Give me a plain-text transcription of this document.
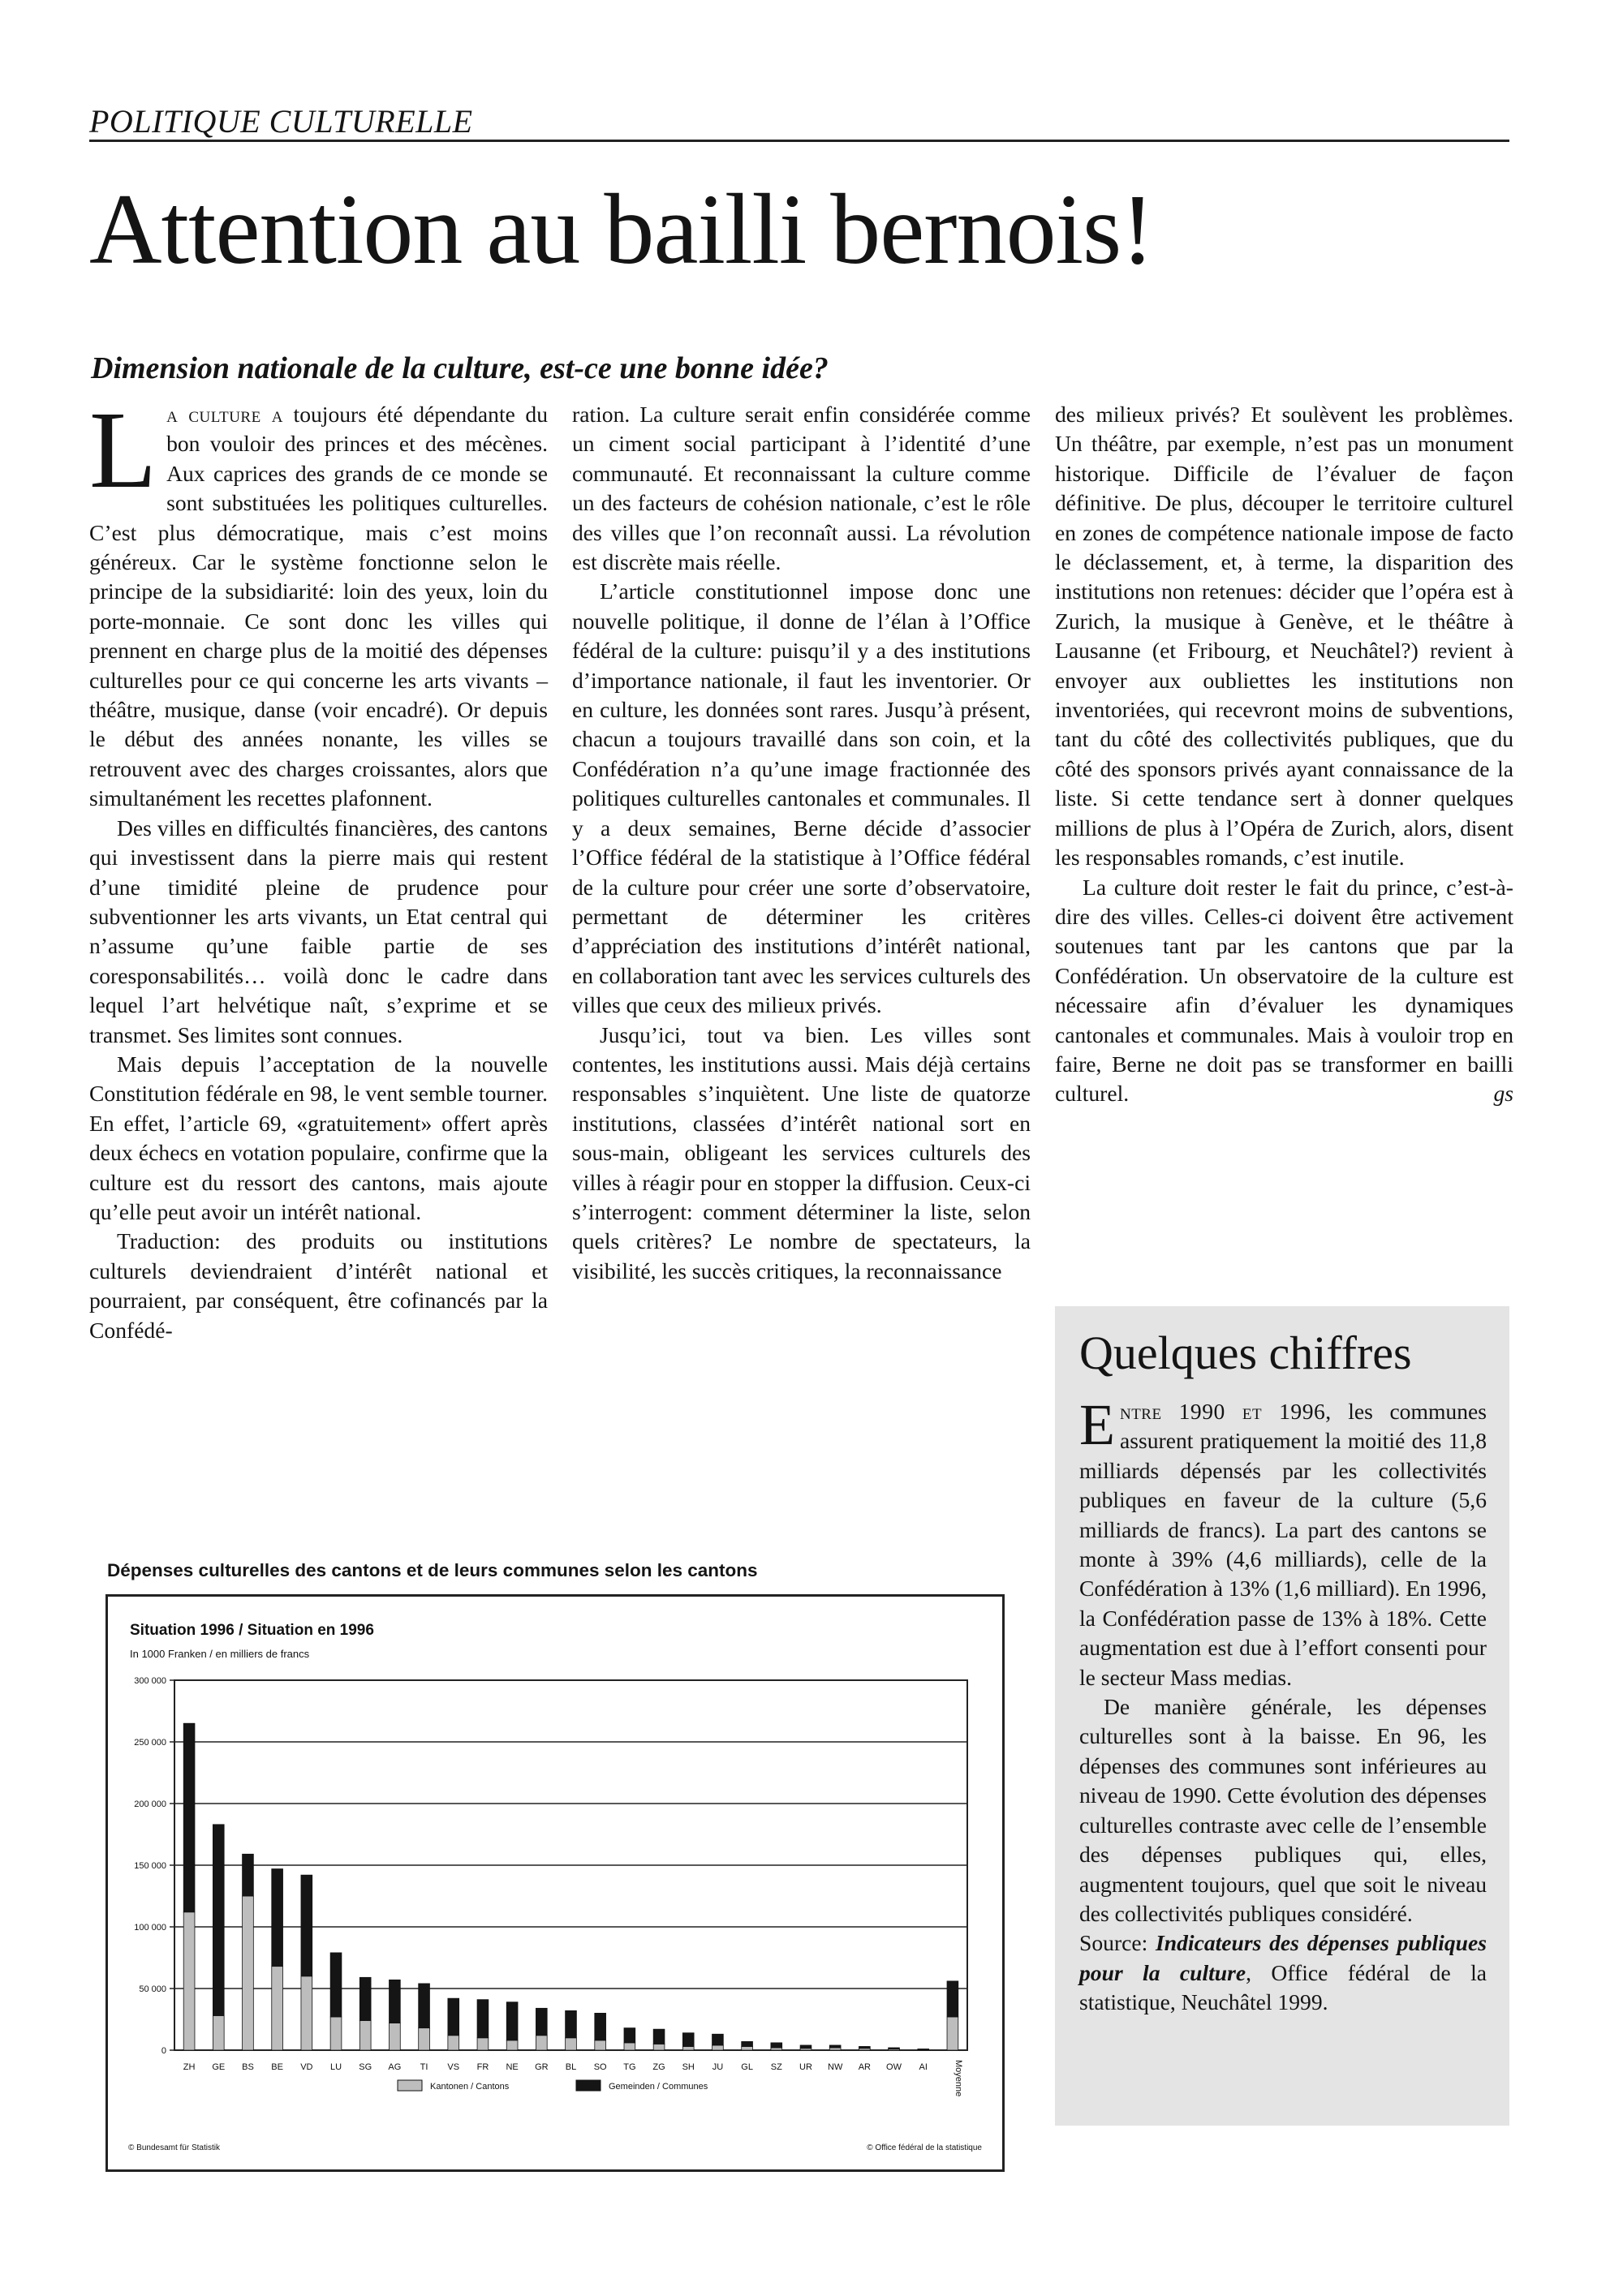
POLITIQUE CULTURELLE
Attention au bailli bernois!
Dimension nationale de la culture, est-ce une bonne idée?

La culture a toujours été dépendante du bon vouloir des princes et des mécènes. Aux caprices des grands de ce monde se sont substituées les politiques culturelles. C’est plus démocratique, mais c’est moins généreux. Car le système fonctionne selon le principe de la subsidiarité: loin des yeux, loin du porte-monnaie. Ce sont donc les villes qui prennent en charge plus de la moitié des dépenses culturelles pour ce qui concerne les arts vivants – théâtre, musique, danse (voir encadré). Or depuis le début des années nonante, les villes se retrouvent avec des charges croissantes, alors que simultanément les recettes plafonnent.

Des villes en difficultés financières, des cantons qui investissent dans la pierre mais qui restent d’une timidité pleine de prudence pour subventionner les arts vivants, un Etat central qui n’assume qu’une faible partie de ses coresponsabilités… voilà donc le cadre dans lequel l’art helvétique naît, s’exprime et se transmet. Ses limites sont connues.

Mais depuis l’acceptation de la nouvelle Constitution fédérale en 98, le vent semble tourner. En effet, l’article 69, «gratuitement» offert après deux échecs en votation populaire, confirme que la culture est du ressort des cantons, mais ajoute qu’elle peut avoir un intérêt national.

Traduction: des produits ou institutions culturels deviendraient d’intérêt national et pourraient, par conséquent, être cofinancés par la Confédé-

ration. La culture serait enfin considérée comme un ciment social participant à l’identité d’une communauté. Et reconnaissant la culture comme un des facteurs de cohésion nationale, c’est le rôle des villes que l’on reconnaît aussi. La révolution est discrète mais réelle.

L’article constitutionnel impose donc une nouvelle politique, il donne de l’élan à l’Office fédéral de la culture: puisqu’il y a des institutions d’importance nationale, il faut les inventorier. Or en culture, les données sont rares. Jusqu’à présent, chacun a toujours travaillé dans son coin, et la Confédération n’a qu’une image fractionnée des politiques culturelles cantonales et communales. Il y a deux semaines, Berne décide d’associer l’Office fédéral de la statistique à l’Office fédéral de la culture pour créer une sorte d’observatoire, permettant de déterminer les critères d’appréciation des institutions d’intérêt national, en collaboration tant avec les services culturels des villes que ceux des milieux privés.

Jusqu’ici, tout va bien. Les villes sont contentes, les institutions aussi. Mais déjà certains responsables s’inquiètent. Une liste de quatorze institutions, classées d’intérêt national sort en sous-main, obligeant les services culturels des villes à réagir pour en stopper la diffusion. Ceux-ci s’interrogent: comment déterminer la liste, selon quels critères? Le nombre de spectateurs, la visibilité, les succès critiques, la reconnaissance

des milieux privés? Et soulèvent les problèmes. Un théâtre, par exemple, n’est pas un monument historique. Difficile de l’évaluer de façon définitive. De plus, découper le territoire culturel en zones de compétence nationale impose de facto le déclassement, et, à terme, la disparition des institutions non retenues: décider que l’opéra est à Zurich, la musique à Genève, et le théâtre à Lausanne (et Fribourg, et Neuchâtel?) revient à envoyer aux oubliettes les institutions non inventoriées, qui recevront moins de subventions, tant du côté des collectivités publiques, que du côté des sponsors privés ayant connaissance de la liste. Si cette tendance sert à donner quelques millions de plus à l’Opéra de Zurich, alors, disent les responsables romands, c’est inutile.

La culture doit rester le fait du prince, c’est-à-dire des villes. Celles-ci doivent être activement soutenues tant par les cantons que par la Confédération. Un observatoire de la culture est nécessaire afin d’évaluer les dynamiques cantonales et communales. Mais à vouloir trop en faire, Berne ne doit pas se transformer en bailli culturel.	gs

Quelques chiffres

Entre 1990 et 1996, les communes assurent pratiquement la moitié des 11,8 milliards dépensés par les collectivités publiques en faveur de la culture (5,6 milliards de francs). La part des cantons se monte à 39% (4,6 milliards), celle de la Confédération à 13% (1,6 milliard). En 1996, la Confédération passe de 13% à 18%. Cette augmentation est due à l’effort consenti pour le secteur Mass medias.

De manière générale, les dépenses culturelles sont à la baisse. En 96, les dépenses des communes sont inférieures au niveau de 1990. Cette évolution des dépenses culturelles contraste avec celle de l’ensemble des dépenses publiques qui, elles, augmentent toujours, quel que soit le niveau des collectivités publiques considéré.

Source: Indicateurs des dépenses publiques pour la culture, Office fédéral de la statistique, Neuchâtel 1999.

Dépenses culturelles des cantons et de leurs communes selon les cantons
Situation 1996 / Situation en 1996
In 1000 Franken / en milliers de francs
0
50 000
100 000
150 000
200 000
250 000
300 000
ZH GE BS BE VD LU SG AG TI VS FR NE GR BL SO TG ZG SH JU GL SZ UR NW AR OW AI	Moyenne
Kantonen / Cantons	Gemeinden / Communes
© Bundesamt für Statistik	© Office fédéral de la statistique
